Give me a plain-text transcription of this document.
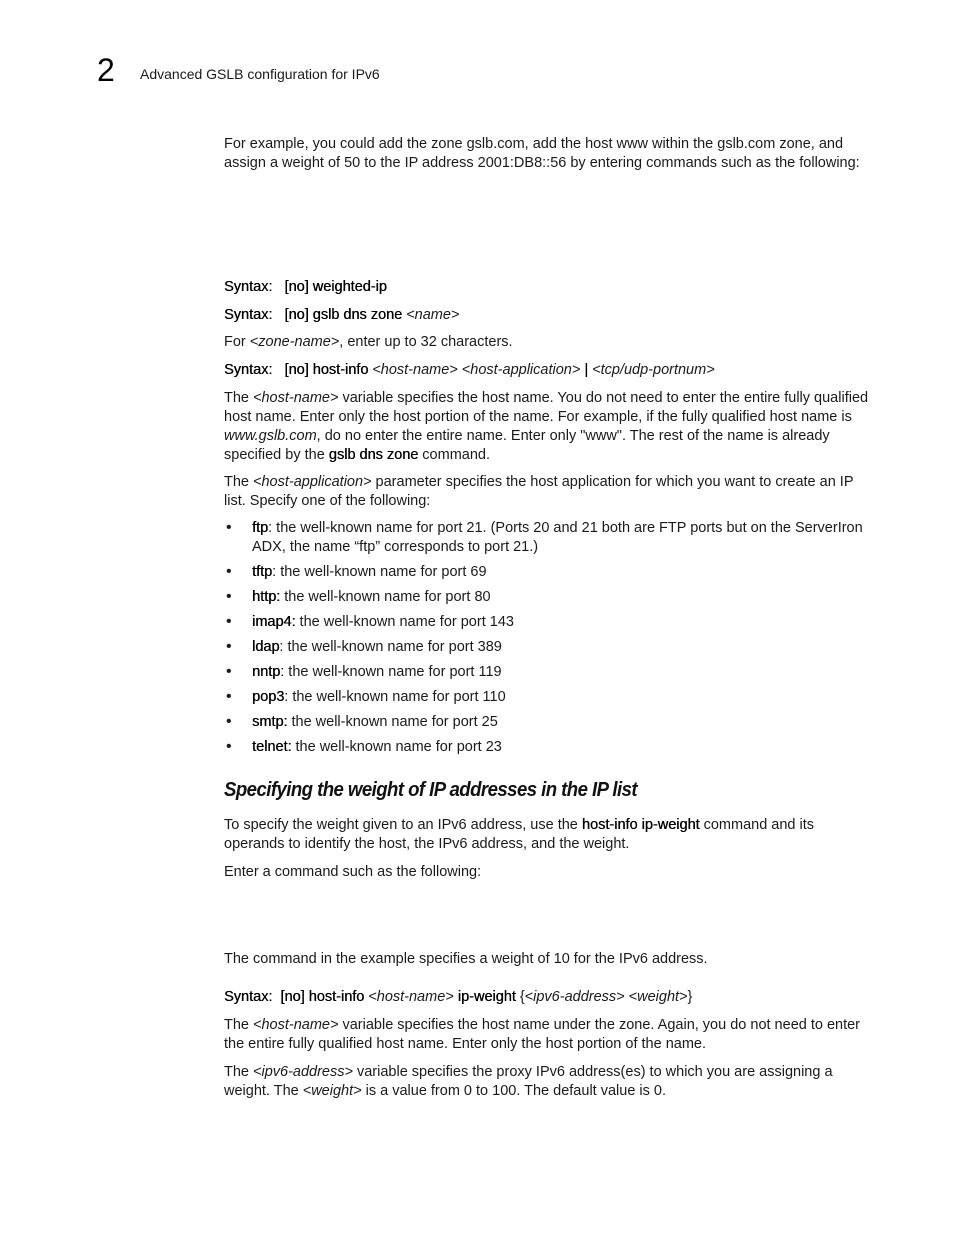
2 Advanced GSLB configuration for IPv6
For example, you could add the zone gslb.com, add the host www within the gslb.com zone, and assign a weight of 50 to the IP address 2001:DB8::56 by entering commands such as the following:
Syntax: [no] weighted-ip
Syntax: [no] gslb dns zone <name>
For <zone-name>, enter up to 32 characters.
Syntax: [no] host-info <host-name> <host-application> | <tcp/udp-portnum>
The <host-name> variable specifies the host name. You do not need to enter the entire fully qualified host name. Enter only the host portion of the name. For example, if the fully qualified host name is www.gslb.com, do no enter the entire name. Enter only "www". The rest of the name is already specified by the gslb dns zone command.
The <host-application> parameter specifies the host application for which you want to create an IP list. Specify one of the following:
• ftp: the well-known name for port 21. (Ports 20 and 21 both are FTP ports but on the ServerIron ADX, the name “ftp” corresponds to port 21.)
• tftp: the well-known name for port 69
• http: the well-known name for port 80
• imap4: the well-known name for port 143
• ldap: the well-known name for port 389
• nntp: the well-known name for port 119
• pop3: the well-known name for port 110
• smtp: the well-known name for port 25
• telnet: the well-known name for port 23
Specifying the weight of IP addresses in the IP list
To specify the weight given to an IPv6 address, use the host-info ip-weight command and its operands to identify the host, the IPv6 address, and the weight.
Enter a command such as the following:
The command in the example specifies a weight of 10 for the IPv6 address.
Syntax: [no] host-info <host-name> ip-weight {<ipv6-address> <weight>}
The <host-name> variable specifies the host name under the zone. Again, you do not need to enter the entire fully qualified host name. Enter only the host portion of the name.
The <ipv6-address> variable specifies the proxy IPv6 address(es) to which you are assigning a weight. The <weight> is a value from 0 to 100. The default value is 0.
